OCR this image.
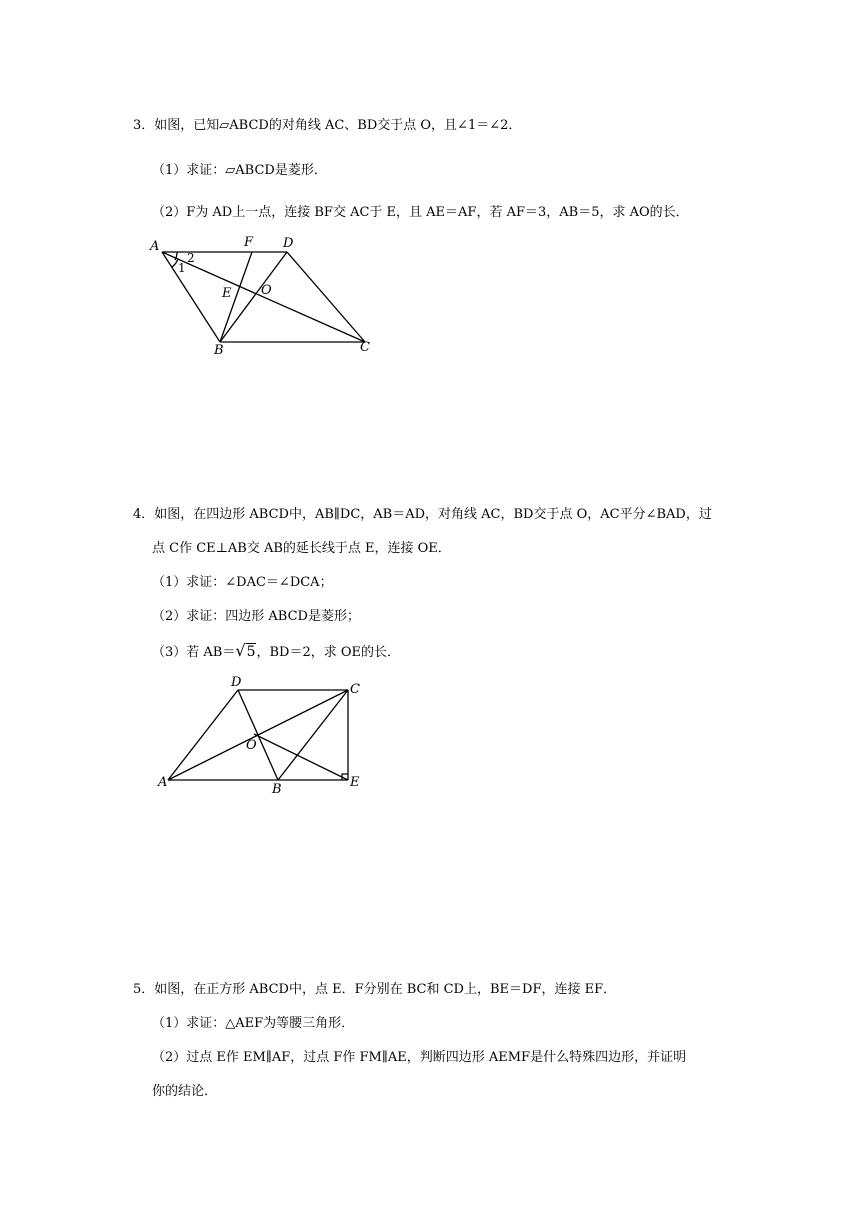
3．如图，已知▱ABCD的对角线 AC、BD交于点 O，且∠1＝∠2．
（1）求证：▱ABCD是菱形．
（2）F为 AD上一点，连接 BF交 AC于 E，且 AE＝AF，若 AF＝3，AB＝5，求 AO的长．
A	F D
E O
B	C
1
2
4．如图，在四边形 ABCD中，AB∥DC，AB＝AD，对角线 AC，BD交于点 O，AC平分∠BAD，过
点 C作 CE⊥AB交 AB的延长线于点 E，连接 OE．
（1）求证：∠DAC＝∠DCA；
（2）求证：四边形 ABCD是菱形；
（3）若 AB＝√5，BD＝2，求 OE的长．
D	C
O
A	B	E
5．如图，在正方形 ABCD中，点 E．F分别在 BC和 CD上，BE＝DF，连接 EF．
（1）求证：△AEF为等腰三角形．
（2）过点 E作 EM∥AF，过点 F作 FM∥AE，判断四边形 AEMF是什么特殊四边形，并证明
你的结论．
